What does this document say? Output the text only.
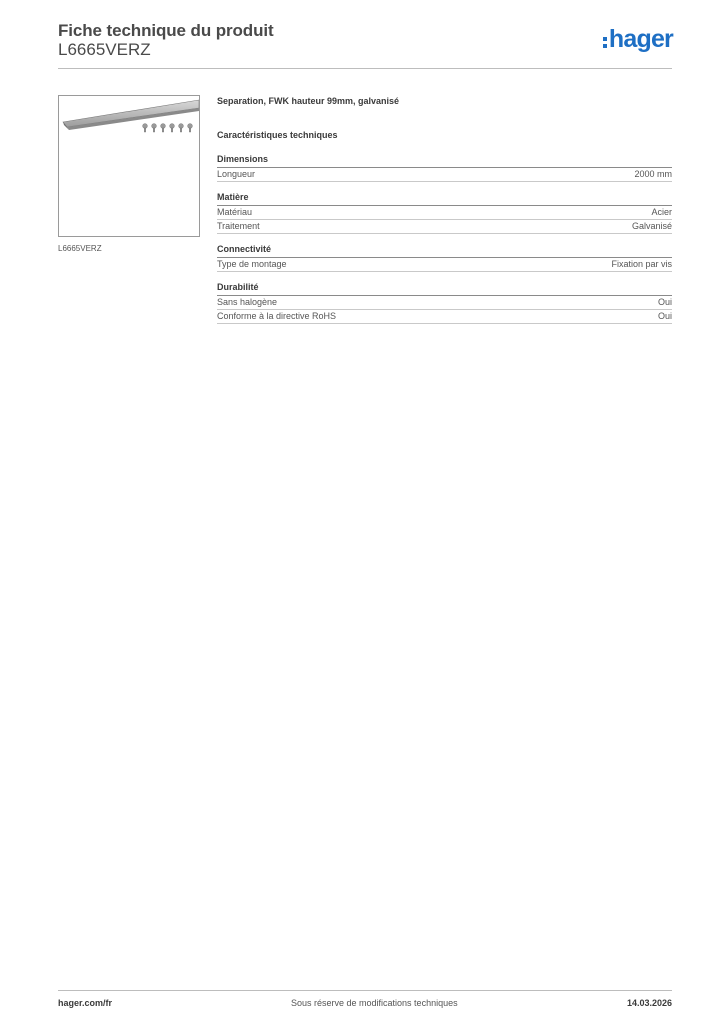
Fiche technique du produit
L6665VERZ	hager
L6665VERZ
Separation, FWK hauteur 99mm, galvanisé
Caractéristiques techniques
Dimensions
Longueur	2000 mm
Matière
Matériau	Acier
Traitement	Galvanisé
Connectivité
Type de montage	Fixation par vis
Durabilité
Sans halogène	Oui
Conforme à la directive RoHS	Oui
hager.com/fr	Sous réserve de modifications techniques	14.03.2026
